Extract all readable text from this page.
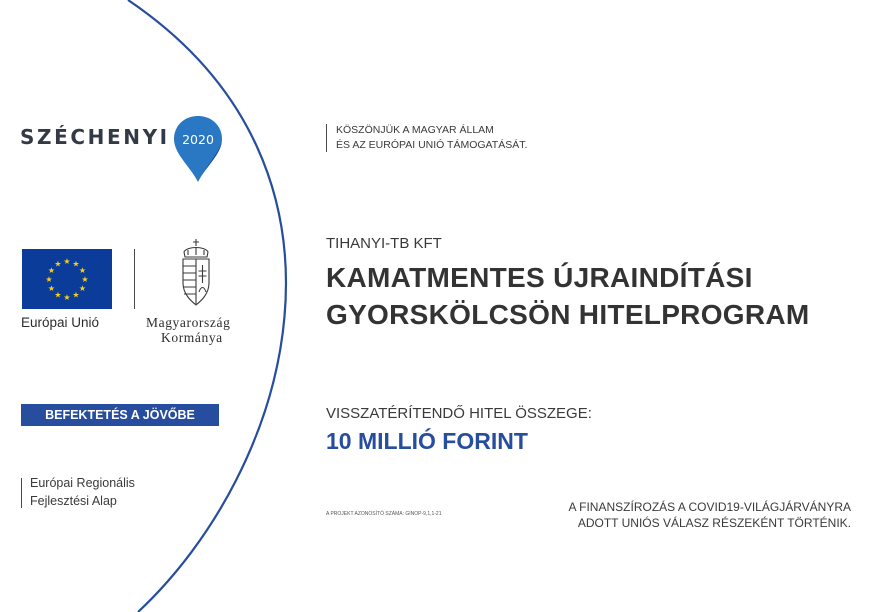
SZÉCHENYI 2020
★ ★
★
★
★
★
★
★
★
★
★
★
Európai Unió	Magyarország
Kormánya
BEFEKTETÉS A JÖVŐBE
Európai Regionális
Fejlesztési Alap
KÖSZÖNJÜK A MAGYAR ÁLLAM
ÉS AZ EURÓPAI UNIÓ TÁMOGATÁSÁT.
TIHANYI-TB KFT
KAMATMENTES ÚJRAINDÍTÁSI
GYORSKÖLCSÖN HITELPROGRAM
VISSZATÉRÍTENDŐ HITEL ÖSSZEGE:
10 MILLIÓ FORINT
A PROJEKT AZONOSÍTÓ SZÁMA: GINOP-9,1,1-21	A FINANSZÍROZÁS A COVID19-VILÁGJÁRVÁNYRA
ADOTT UNIÓS VÁLASZ RÉSZEKÉNT TÖRTÉNIK.
